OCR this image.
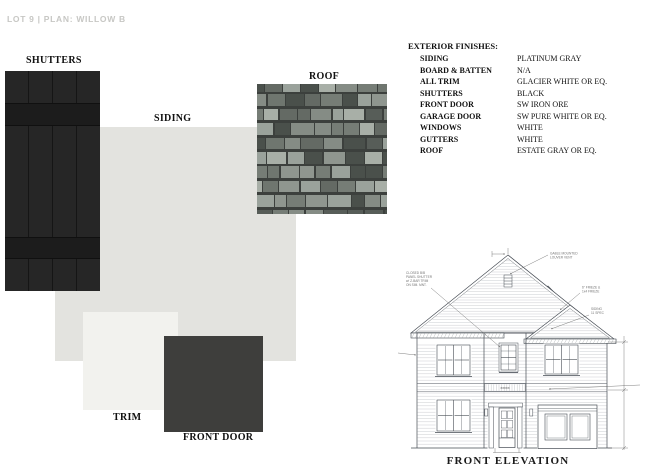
LOT 9 | PLAN: WILLOW B
SHUTTERS
SIDING
ROOF
TRIM
FRONT DOOR
EXTERIOR FINISHES:
SIDING	PLATINUM GRAY
BOARD & BATTEN	N/A
ALL TRIM	GLACIER WHITE OR EQ.
SHUTTERS	BLACK
FRONT DOOR	SW IRON ORE
GARAGE DOOR	SW PURE WHITE OR EQ.
WINDOWS	WHITE
GUTTERS	WHITE
ROOF	ESTATE GRAY OR EQ.
XXXXX
GABLE MOUNTED
LOUVER VENT
CLOSED B/B
PANEL SHUTTER
w/ Z-BAR TRIM
ON SIM. MNT.
6" FRIEZE &
1x4 FRIEZE
SIDING
11 SPEC
FRONT ELEVATION
